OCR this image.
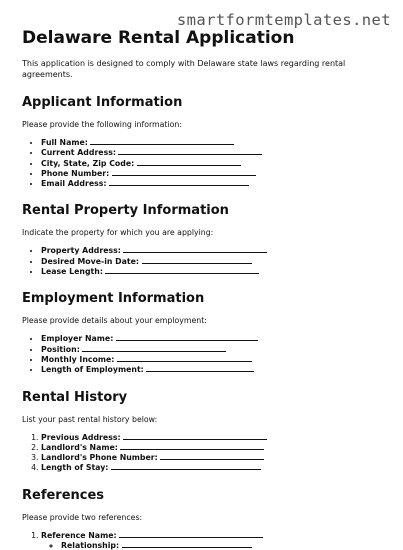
smartformtemplates.net
Delaware Rental Application

This application is designed to comply with Delaware state laws regarding rental agreements.

Applicant Information

Please provide the following information:

• Full Name:
• Current Address:
• City, State, Zip Code:
• Phone Number:
• Email Address:
Rental Property Information

Indicate the property for which you are applying:

• Property Address:
• Desired Move-in Date:
• Lease Length:
Employment Information

Please provide details about your employment:

• Employer Name:
• Position:
• Monthly Income:
• Length of Employment:
Rental History

List your past rental history below:

1. Previous Address:
2. Landlord's Name:
3. Landlord's Phone Number:
4. Length of Stay:
References

Please provide two references:

1. Reference Name:
◦ Relationship:
